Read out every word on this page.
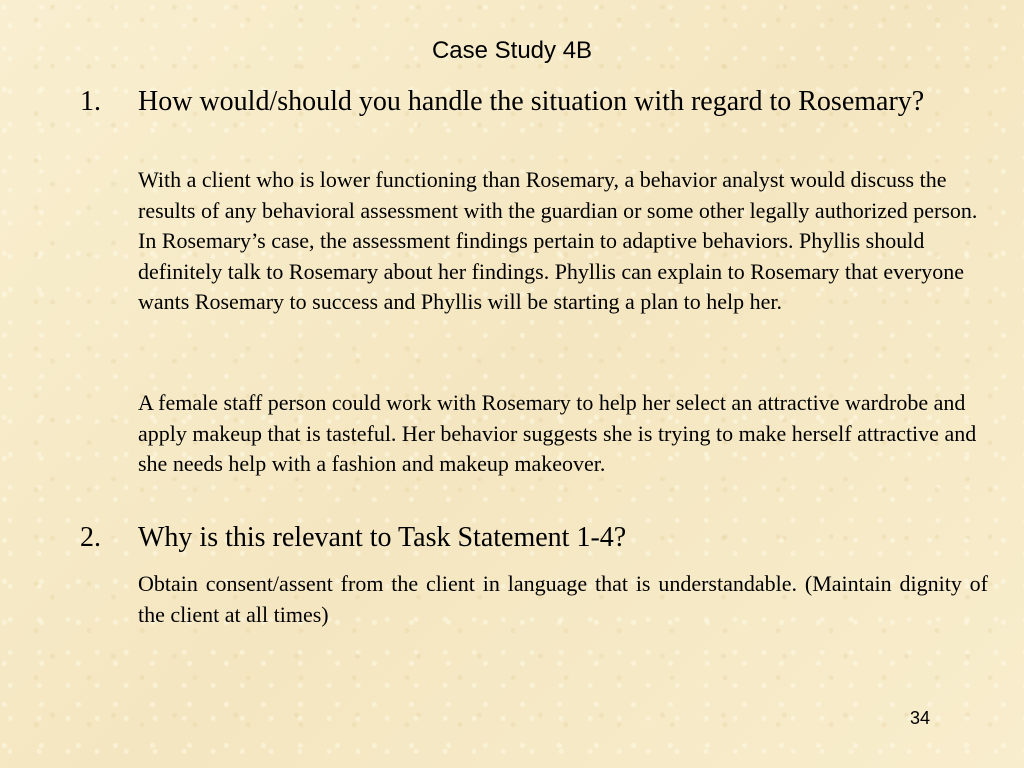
Case Study 4B
1.	How would/should you handle the situation with regard to Rosemary?
With a client who is lower functioning than Rosemary, a behavior analyst would discuss the results of any behavioral assessment with the guardian or some other legally authorized person. In Rosemary’s case, the assessment findings pertain to adaptive behaviors. Phyllis should definitely talk to Rosemary about her findings. Phyllis can explain to Rosemary that everyone wants Rosemary to success and Phyllis will be starting a plan to help her.
A female staff person could work with Rosemary to help her select an attractive wardrobe and apply makeup that is tasteful. Her behavior suggests she is trying to make herself attractive and she needs help with a fashion and makeup makeover.
2.	Why is this relevant to Task Statement 1-4?
Obtain consent/assent from the client in language that is understandable. (Maintain dignity of the client at all times)
34
